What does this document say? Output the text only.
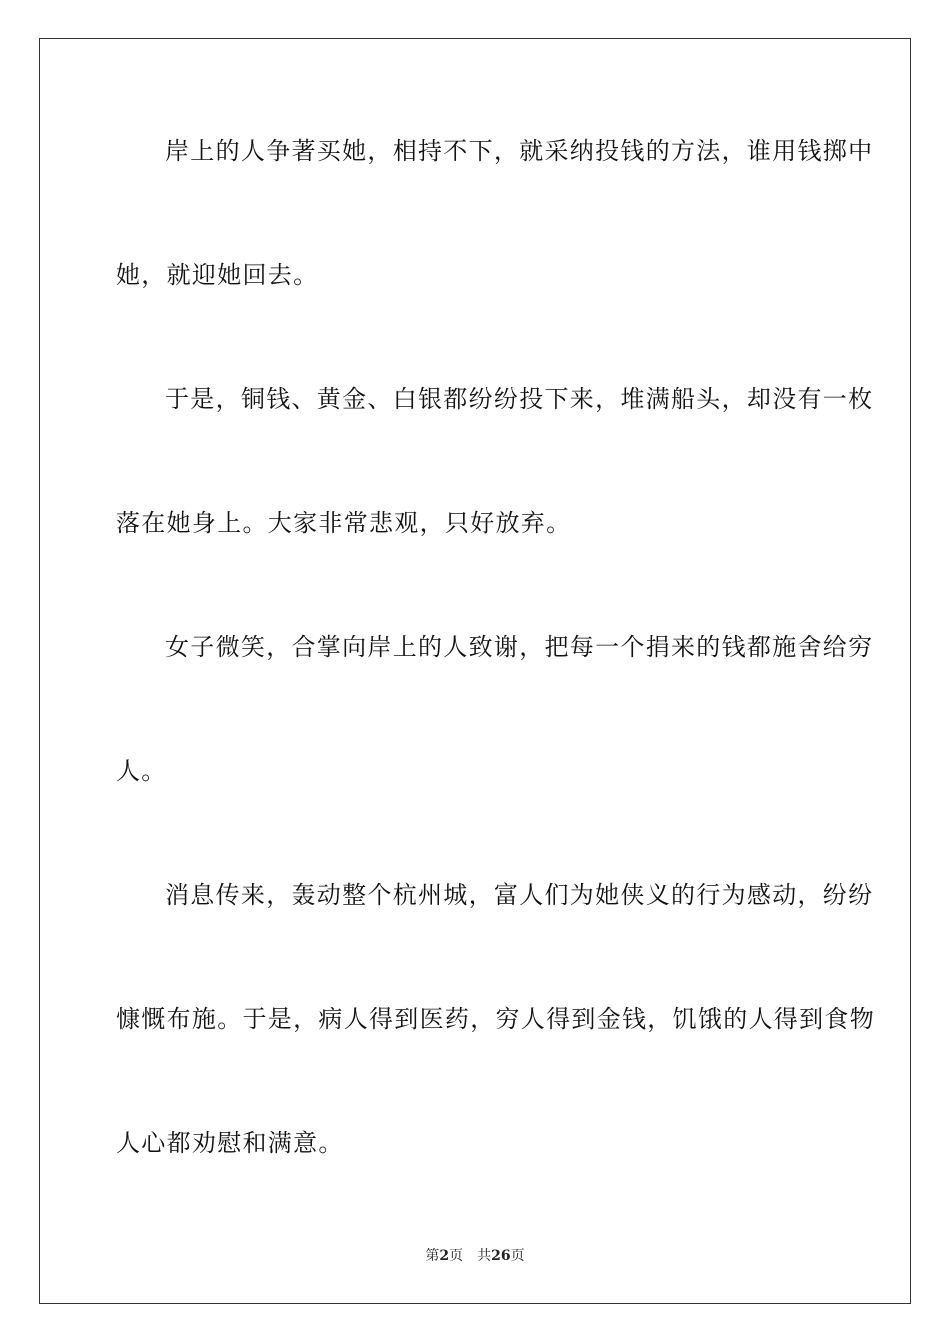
岸上的人争著买她，相持不下，就采纳投钱的方法，谁用钱掷中
她，就迎她回去。
于是，铜钱、黄金、白银都纷纷投下来，堆满船头，却没有一枚
落在她身上。大家非常悲观，只好放弃。
女子微笑，合掌向岸上的人致谢，把每一个捐来的钱都施舍给穷
人。
消息传来，轰动整个杭州城，富人们为她侠义的行为感动，纷纷
慷慨布施。于是，病人得到医药，穷人得到金钱，饥饿的人得到食物
人心都劝慰和满意。
第2页 共26页
